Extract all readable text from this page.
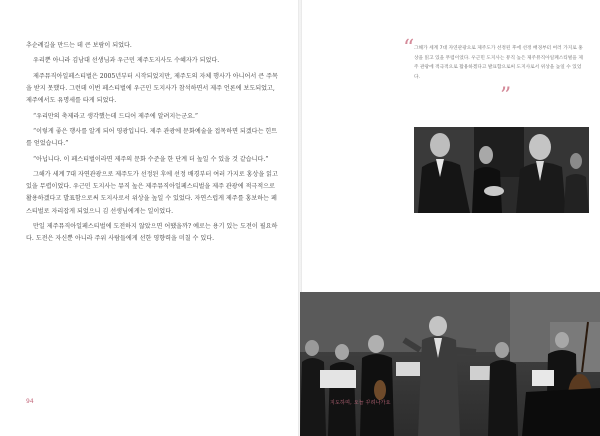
추순례길을 만드는 데 큰 보람이 되었다.

우리뿐 아니라 김남대 선생님과 우근민 제주도지사도 수혜자가 되었다.

제주뮤직아일페스티벌은 2005년부터 시작되었지만, 제주도의 자체 행사가 아니어서 큰 주목을 받지 못했다. 그런데 이번 페스티벌에 우근민 도지사가 참석하면서 제주 언론에 보도되었고, 제주에서도 유명세를 타게 되었다.

“우리만의 축제라고 생각했는데 드디어 제주에 알려지는군요.”

“이렇게 좋은 행사를 알게 되어 영광입니다. 제주 관광에 문화예술을 접목하면 되겠다는 힌트를 얻었습니다.”

“아닙니다. 이 페스티벌이라면 제주의 문화 수준을 한 단계 더 높일 수 있을 것 같습니다.”

그해가 세계 7대 자연관광으로 제주도가 선정된 후에 선정 배경부터 여러 가지로 홍상을 읽고 있을 무렵이었다. 우근민 도지사는 뮤직 높은 제주뮤직아일페스티벌을 제주 관광에 적극적으로 활용하겠다고 발표함으로써 도지사로서 위상을 높일 수 있었다. 자연스럽게 제주를 홍보하는 페스티벌로 자리잡게 되었으니 김 선생님에게는 일이었다.

만일 제주뮤직아일페스티벌에 도전하지 않았으면 어땠을까? 예로는 용기 있는 도전이 필요하다. 도전은 자신뿐 아니라 주위 사람들에게 선한 영향력을 미칠 수 있다.

94
“ 그해가 세계 7대 자연관광으로 제주도가 선정된 후에 선정 배경부터 여러 가지로 홍상을 읽고 있을 무렵이었다. 우근민 도지사는 뮤직 높은 제주뮤직아일페스티벌을 제주 관광에 적극적으로 활용하겠다고 발표함으로써 도지사로서 위상을 높일 수 있었다.
”
지도하며, 오늘 꾸려나가요
